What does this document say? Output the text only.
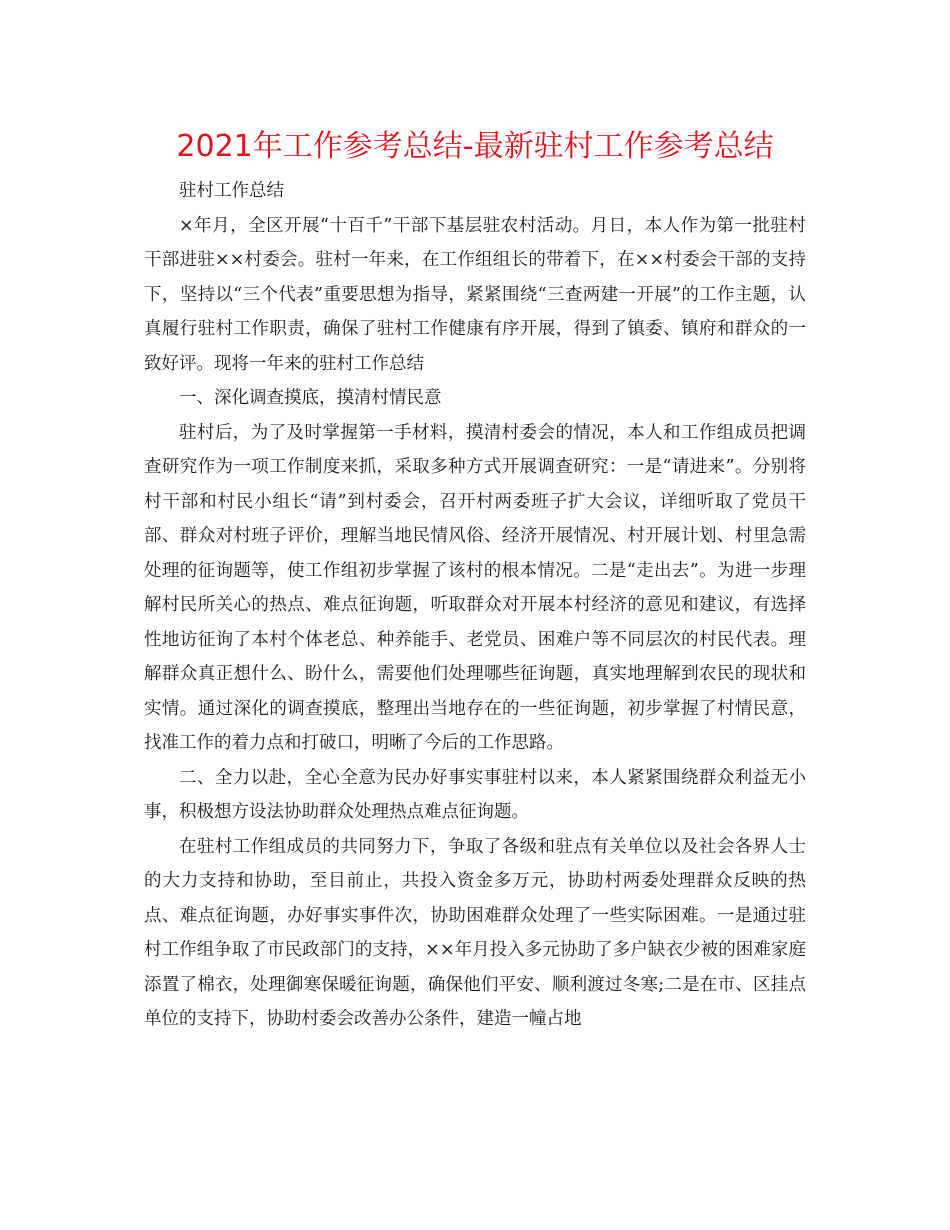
2021年工作参考总结-最新驻村工作参考总结

驻村工作总结

×年月，全区开展“十百千”干部下基层驻农村活动。月日，本人作为第一批驻村干部进驻××村委会。驻村一年来，在工作组组长的带着下，在××村委会干部的支持下，坚持以“三个代表”重要思想为指导，紧紧围绕“三查两建一开展”的工作主题，认真履行驻村工作职责，确保了驻村工作健康有序开展，得到了镇委、镇府和群众的一致好评。现将一年来的驻村工作总结

一、深化调查摸底，摸清村情民意

驻村后，为了及时掌握第一手材料，摸清村委会的情况，本人和工作组成员把调查研究作为一项工作制度来抓，采取多种方式开展调查研究：一是“请进来”。分别将村干部和村民小组长“请”到村委会，召开村两委班子扩大会议，详细听取了党员干部、群众对村班子评价，理解当地民情风俗、经济开展情况、村开展计划、村里急需处理的征询题等，使工作组初步掌握了该村的根本情况。二是“走出去”。为进一步理解村民所关心的热点、难点征询题，听取群众对开展本村经济的意见和建议，有选择性地访征询了本村个体老总、种养能手、老党员、困难户等不同层次的村民代表。理解群众真正想什么、盼什么，需要他们处理哪些征询题，真实地理解到农民的现状和实情。通过深化的调查摸底，整理出当地存在的一些征询题，初步掌握了村情民意，找准工作的着力点和打破口，明晰了今后的工作思路。

二、全力以赴，全心全意为民办好事实事驻村以来，本人紧紧围绕群众利益无小事，积极想方设法协助群众处理热点难点征询题。

在驻村工作组成员的共同努力下，争取了各级和驻点有关单位以及社会各界人士的大力支持和协助，至目前止，共投入资金多万元，协助村两委处理群众反映的热点、难点征询题，办好事实事件次，协助困难群众处理了一些实际困难。一是通过驻村工作组争取了市民政部门的支持，××年月投入多元协助了多户缺衣少被的困难家庭添置了棉衣，处理御寒保暖征询题，确保他们平安、顺利渡过冬寒;二是在市、区挂点单位的支持下，协助村委会改善办公条件，建造一幢占地
